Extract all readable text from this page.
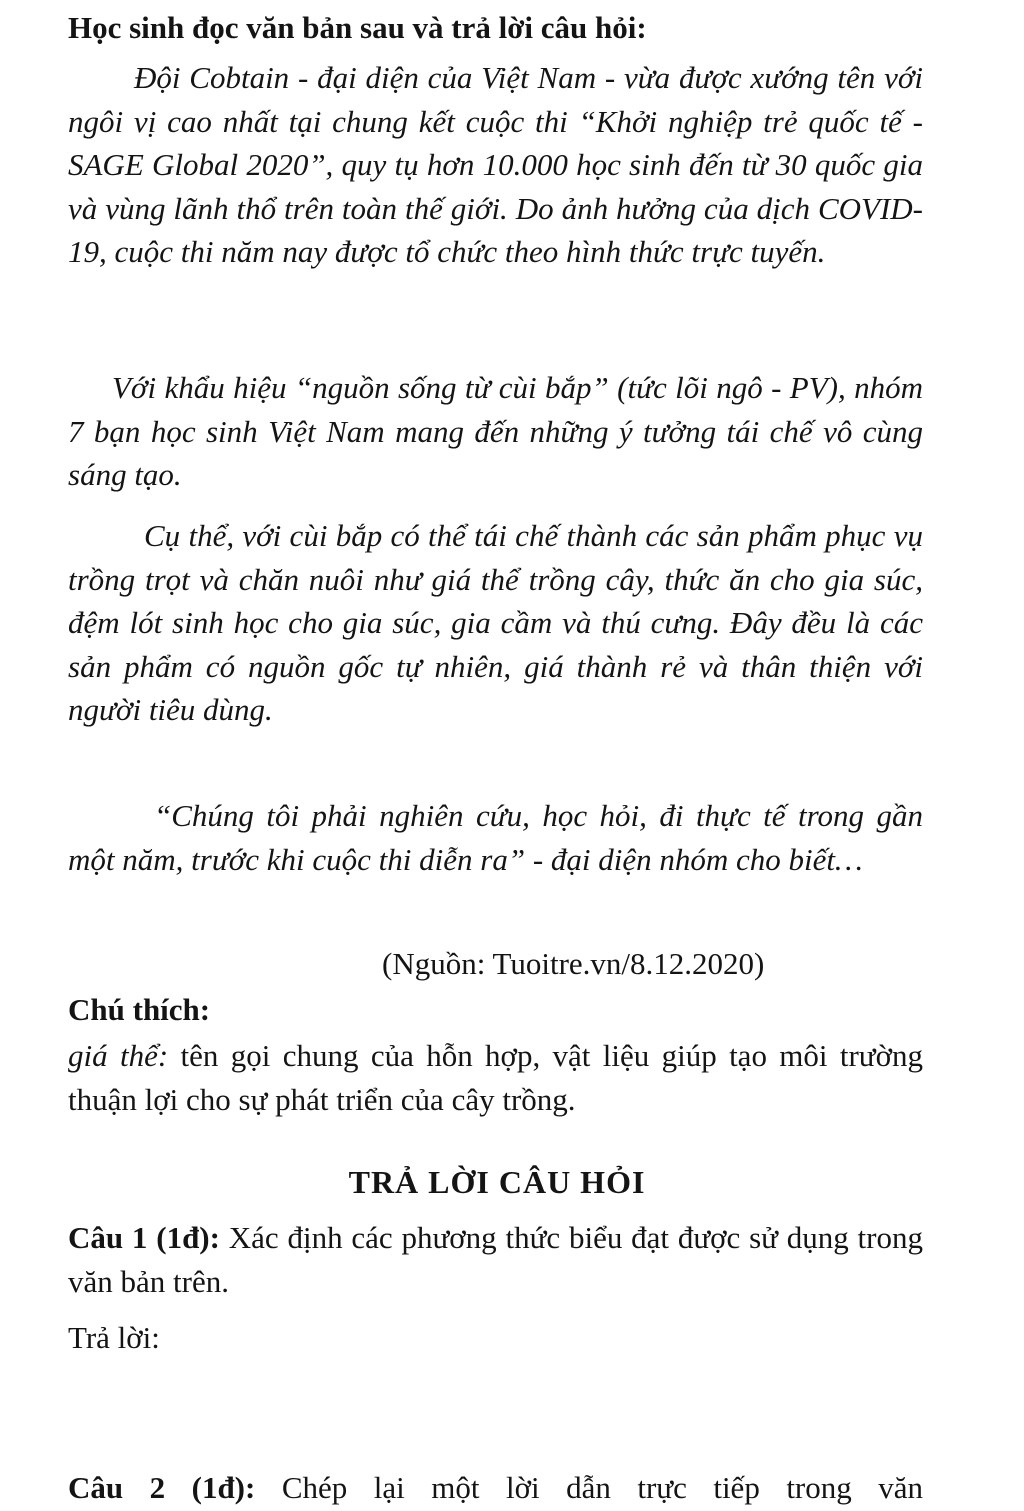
Học sinh đọc văn bản sau và trả lời câu hỏi:

Đội Cobtain - đại diện của Việt Nam - vừa được xướng tên với ngôi vị cao nhất tại chung kết cuộc thi “Khởi nghiệp trẻ quốc tế - SAGE Global 2020”, quy tụ hơn 10.000 học sinh đến từ 30 quốc gia và vùng lãnh thổ trên toàn thế giới. Do ảnh hưởng của dịch COVID-19, cuộc thi năm nay được tổ chức theo hình thức trực tuyến.

Với khẩu hiệu “nguồn sống từ cùi bắp” (tức lõi ngô - PV), nhóm 7 bạn học sinh Việt Nam mang đến những ý tưởng tái chế vô cùng sáng tạo.

Cụ thể, với cùi bắp có thể tái chế thành các sản phẩm phục vụ trồng trọt và chăn nuôi như giá thể trồng cây, thức ăn cho gia súc, đệm lót sinh học cho gia súc, gia cầm và thú cưng. Đây đều là các sản phẩm có nguồn gốc tự nhiên, giá thành rẻ và thân thiện với người tiêu dùng.

“Chúng tôi phải nghiên cứu, học hỏi, đi thực tế trong gần một năm, trước khi cuộc thi diễn ra” - đại diện nhóm cho biết…

(Nguồn: Tuoitre.vn/8.12.2020)
Chú thích:
giá thể: tên gọi chung của hỗn hợp, vật liệu giúp tạo môi trường thuận lợi cho sự phát triển của cây trồng.
TRẢ LỜI CÂU HỎI
Câu 1 (1đ): Xác định các phương thức biểu đạt được sử dụng trong văn bản trên.
Trả lời:
Câu 2 (1đ): Chép lại một lời dẫn trực tiếp trong văn
